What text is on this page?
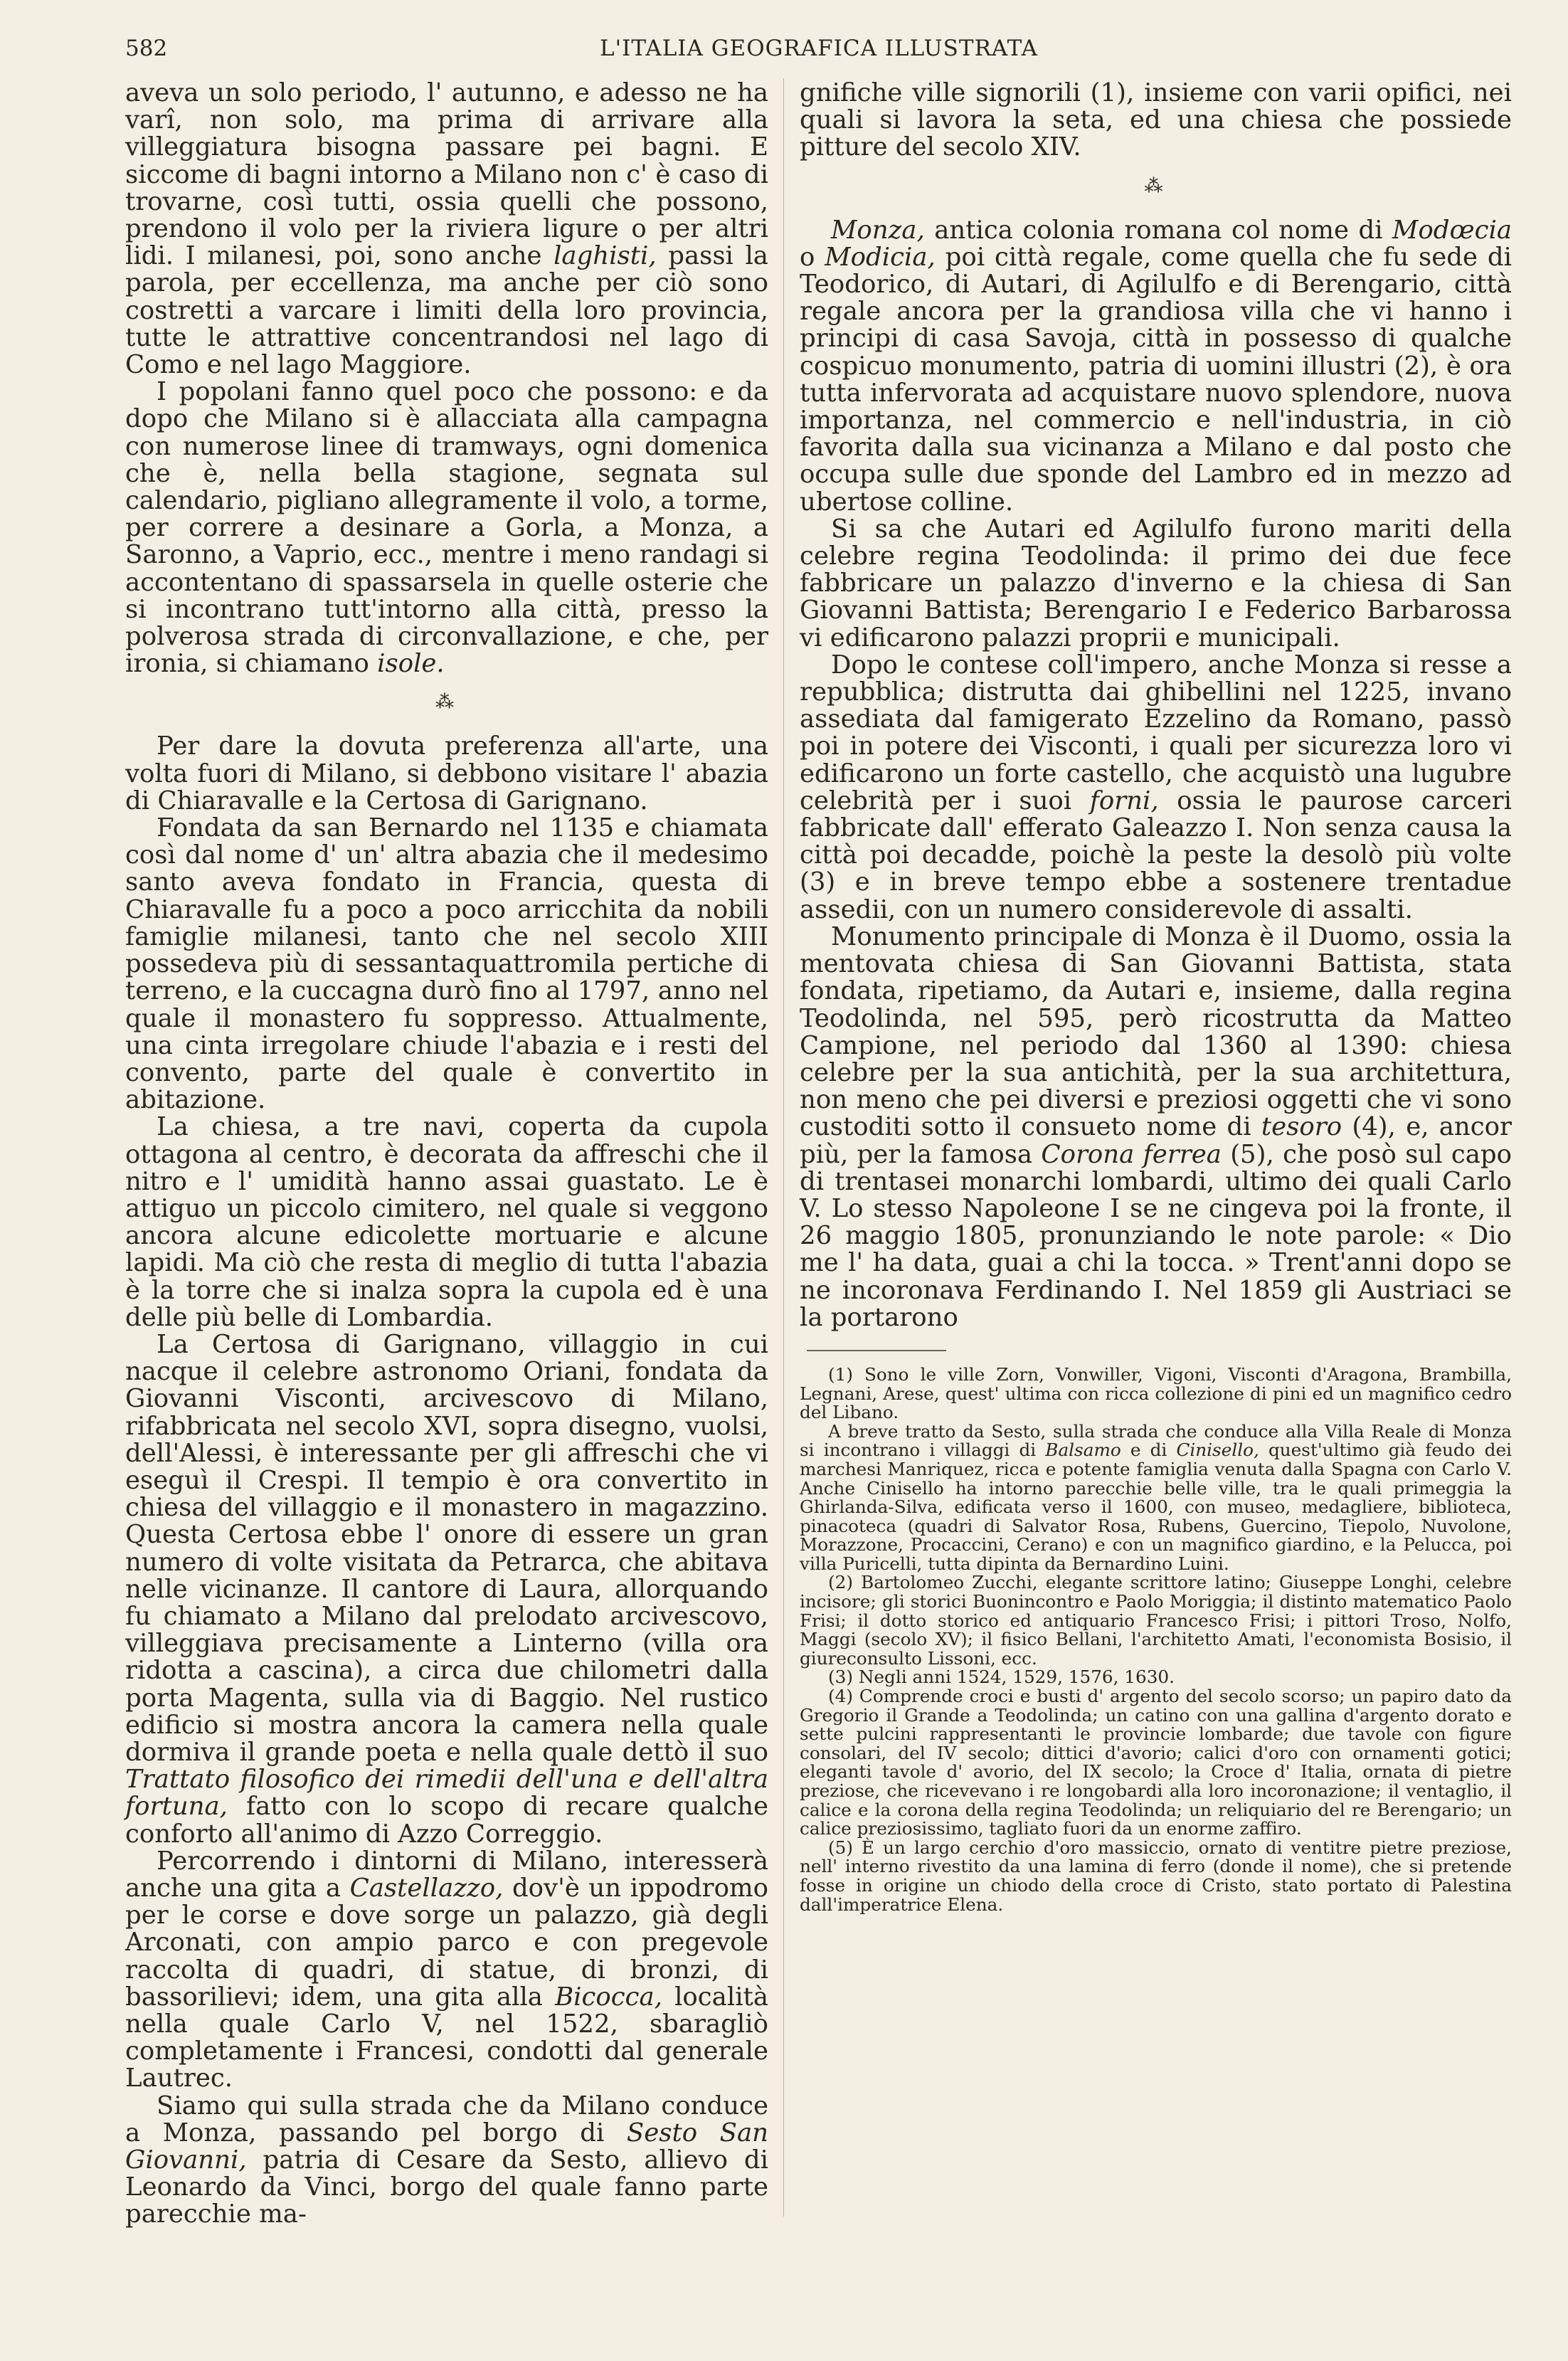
582	L'ITALIA GEOGRAFICA ILLUSTRATA

aveva un solo periodo, l' autunno, e adesso ne ha varî, non solo, ma prima di arrivare alla villeggiatura bisogna passare pei bagni. E siccome di bagni intorno a Milano non c' è caso di trovarne, così tutti, ossia quelli che possono, prendono il volo per la riviera ligure o per altri lidi. I milanesi, poi, sono anche laghisti, passi la parola, per eccellenza, ma anche per ciò sono costretti a varcare i limiti della loro provincia, tutte le attrattive concentrandosi nel lago di Como e nel lago Maggiore.

I popolani fanno quel poco che possono: e da dopo che Milano si è allacciata alla campagna con numerose linee di tramways, ogni domenica che è, nella bella stagione, segnata sul calendario, pigliano allegramente il volo, a torme, per correre a desinare a Gorla, a Monza, a Saronno, a Vaprio, ecc., mentre i meno randagi si accontentano di spassarsela in quelle osterie che si incontrano tutt'intorno alla città, presso la polverosa strada di circonvallazione, e che, per ironia, si chiamano isole.

⁂

Per dare la dovuta preferenza all'arte, una volta fuori di Milano, si debbono visitare l' abazia di Chiaravalle e la Certosa di Garignano.

Fondata da san Bernardo nel 1135 e chiamata così dal nome d' un' altra abazia che il medesimo santo aveva fondato in Francia, questa di Chiaravalle fu a poco a poco arricchita da nobili famiglie milanesi, tanto che nel secolo XIII possedeva più di sessantaquattromila pertiche di terreno, e la cuccagna durò fino al 1797, anno nel quale il monastero fu soppresso. Attualmente, una cinta irregolare chiude l'abazia e i resti del convento, parte del quale è convertito in abitazione.

La chiesa, a tre navi, coperta da cupola ottagona al centro, è decorata da affreschi che il nitro e l' umidità hanno assai guastato. Le è attiguo un piccolo cimitero, nel quale si veggono ancora alcune edicolette mortuarie e alcune lapidi. Ma ciò che resta di meglio di tutta l'abazia è la torre che si inalza sopra la cupola ed è una delle più belle di Lombardia.

La Certosa di Garignano, villaggio in cui nacque il celebre astronomo Oriani, fondata da Giovanni Visconti, arcivescovo di Milano, rifabbricata nel secolo XVI, sopra disegno, vuolsi, dell'Alessi, è interessante per gli affreschi che vi eseguì il Crespi. Il tempio è ora convertito in chiesa del villaggio e il monastero in magazzino. Questa Certosa ebbe l' onore di essere un gran numero di volte visitata da Petrarca, che abitava nelle vicinanze. Il cantore di Laura, allorquando fu chiamato a Milano dal prelodato arcivescovo, villeggiava precisamente a Linterno (villa ora ridotta a cascina), a circa due chilometri dalla porta Magenta, sulla via di Baggio. Nel rustico edificio si mostra ancora la camera nella quale dormiva il grande poeta e nella quale dettò il suo Trattato filosofico dei rimedii dell'una e dell'altra fortuna, fatto con lo scopo di recare qualche conforto all'animo di Azzo Correggio.

Percorrendo i dintorni di Milano, interesserà anche una gita a Castellazzo, dov'è un ippodromo per le corse e dove sorge un palazzo, già degli Arconati, con ampio parco e con pregevole raccolta di quadri, di statue, di bronzi, di bassorilievi; idem, una gita alla Bicocca, località nella quale Carlo V, nel 1522, sbaragliò completamente i Francesi, condotti dal generale Lautrec.

Siamo qui sulla strada che da Milano conduce a Monza, passando pel borgo di Sesto San Giovanni, patria di Cesare da Sesto, allievo di Leonardo da Vinci, borgo del quale fanno parte parecchie ma-

gnifiche ville signorili (1), insieme con varii opifici, nei quali si lavora la seta, ed una chiesa che possiede pitture del secolo XIV.

⁂

Monza, antica colonia romana col nome di Modœcia o Modicia, poi città regale, come quella che fu sede di Teodorico, di Autari, di Agilulfo e di Berengario, città regale ancora per la grandiosa villa che vi hanno i principi di casa Savoja, città in possesso di qualche cospicuo monumento, patria di uomini illustri (2), è ora tutta infervorata ad acquistare nuovo splendore, nuova importanza, nel commercio e nell'industria, in ciò favorita dalla sua vicinanza a Milano e dal posto che occupa sulle due sponde del Lambro ed in mezzo ad ubertose colline.

Si sa che Autari ed Agilulfo furono mariti della celebre regina Teodolinda: il primo dei due fece fabbricare un palazzo d'inverno e la chiesa di San Giovanni Battista; Berengario I e Federico Barbarossa vi edificarono palazzi proprii e municipali.

Dopo le contese coll'impero, anche Monza si resse a repubblica; distrutta dai ghibellini nel 1225, invano assediata dal famigerato Ezzelino da Romano, passò poi in potere dei Visconti, i quali per sicurezza loro vi edificarono un forte castello, che acquistò una lugubre celebrità per i suoi forni, ossia le paurose carceri fabbricate dall' efferato Galeazzo I. Non senza causa la città poi decadde, poichè la peste la desolò più volte (3) e in breve tempo ebbe a sostenere trentadue assedii, con un numero considerevole di assalti.

Monumento principale di Monza è il Duomo, ossia la mentovata chiesa di San Giovanni Battista, stata fondata, ripetiamo, da Autari e, insieme, dalla regina Teodolinda, nel 595, però ricostrutta da Matteo Campione, nel periodo dal 1360 al 1390: chiesa celebre per la sua antichità, per la sua architettura, non meno che pei diversi e preziosi oggetti che vi sono custoditi sotto il consueto nome di tesoro (4), e, ancor più, per la famosa Corona ferrea (5), che posò sul capo di trentasei monarchi lombardi, ultimo dei quali Carlo V. Lo stesso Napoleone I se ne cingeva poi la fronte, il 26 maggio 1805, pronunziando le note parole: « Dio me l' ha data, guai a chi la tocca. » Trent'anni dopo se ne incoronava Ferdinando I. Nel 1859 gli Austriaci se la portarono

(1) Sono le ville Zorn, Vonwiller, Vigoni, Visconti d'Aragona, Brambilla, Legnani, Arese, quest' ultima con ricca collezione di pini ed un magnifico cedro del Libano.

A breve tratto da Sesto, sulla strada che conduce alla Villa Reale di Monza si incontrano i villaggi di Balsamo e di Cinisello, quest'ultimo già feudo dei marchesi Manriquez, ricca e potente famiglia venuta dalla Spagna con Carlo V. Anche Cinisello ha intorno parecchie belle ville, tra le quali primeggia la Ghirlanda-Silva, edificata verso il 1600, con museo, medagliere, biblioteca, pinacoteca (quadri di Salvator Rosa, Rubens, Guercino, Tiepolo, Nuvolone, Morazzone, Procaccini, Cerano) e con un magnifico giardino, e la Pelucca, poi villa Puricelli, tutta dipinta da Bernardino Luini.

(2) Bartolomeo Zucchi, elegante scrittore latino; Giuseppe Longhi, celebre incisore; gli storici Buonincontro e Paolo Moriggia; il distinto matematico Paolo Frisi; il dotto storico ed antiquario Francesco Frisi; i pittori Troso, Nolfo, Maggi (secolo XV); il fisico Bellani, l'architetto Amati, l'economista Bosisio, il giureconsulto Lissoni, ecc.

(3) Negli anni 1524, 1529, 1576, 1630.

(4) Comprende croci e busti d' argento del secolo scorso; un papiro dato da Gregorio il Grande a Teodolinda; un catino con una gallina d'argento dorato e sette pulcini rappresentanti le provincie lombarde; due tavole con figure consolari, del IV secolo; dittici d'avorio; calici d'oro con ornamenti gotici; eleganti tavole d' avorio, del IX secolo; la Croce d' Italia, ornata di pietre preziose, che ricevevano i re longobardi alla loro incoronazione; il ventaglio, il calice e la corona della regina Teodolinda; un reliquiario del re Berengario; un calice preziosissimo, tagliato fuori da un enorme zaffiro.

(5) È un largo cerchio d'oro massiccio, ornato di ventitre pietre preziose, nell' interno rivestito da una lamina di ferro (donde il nome), che si pretende fosse in origine un chiodo della croce di Cristo, stato portato di Palestina dall'imperatrice Elena.
